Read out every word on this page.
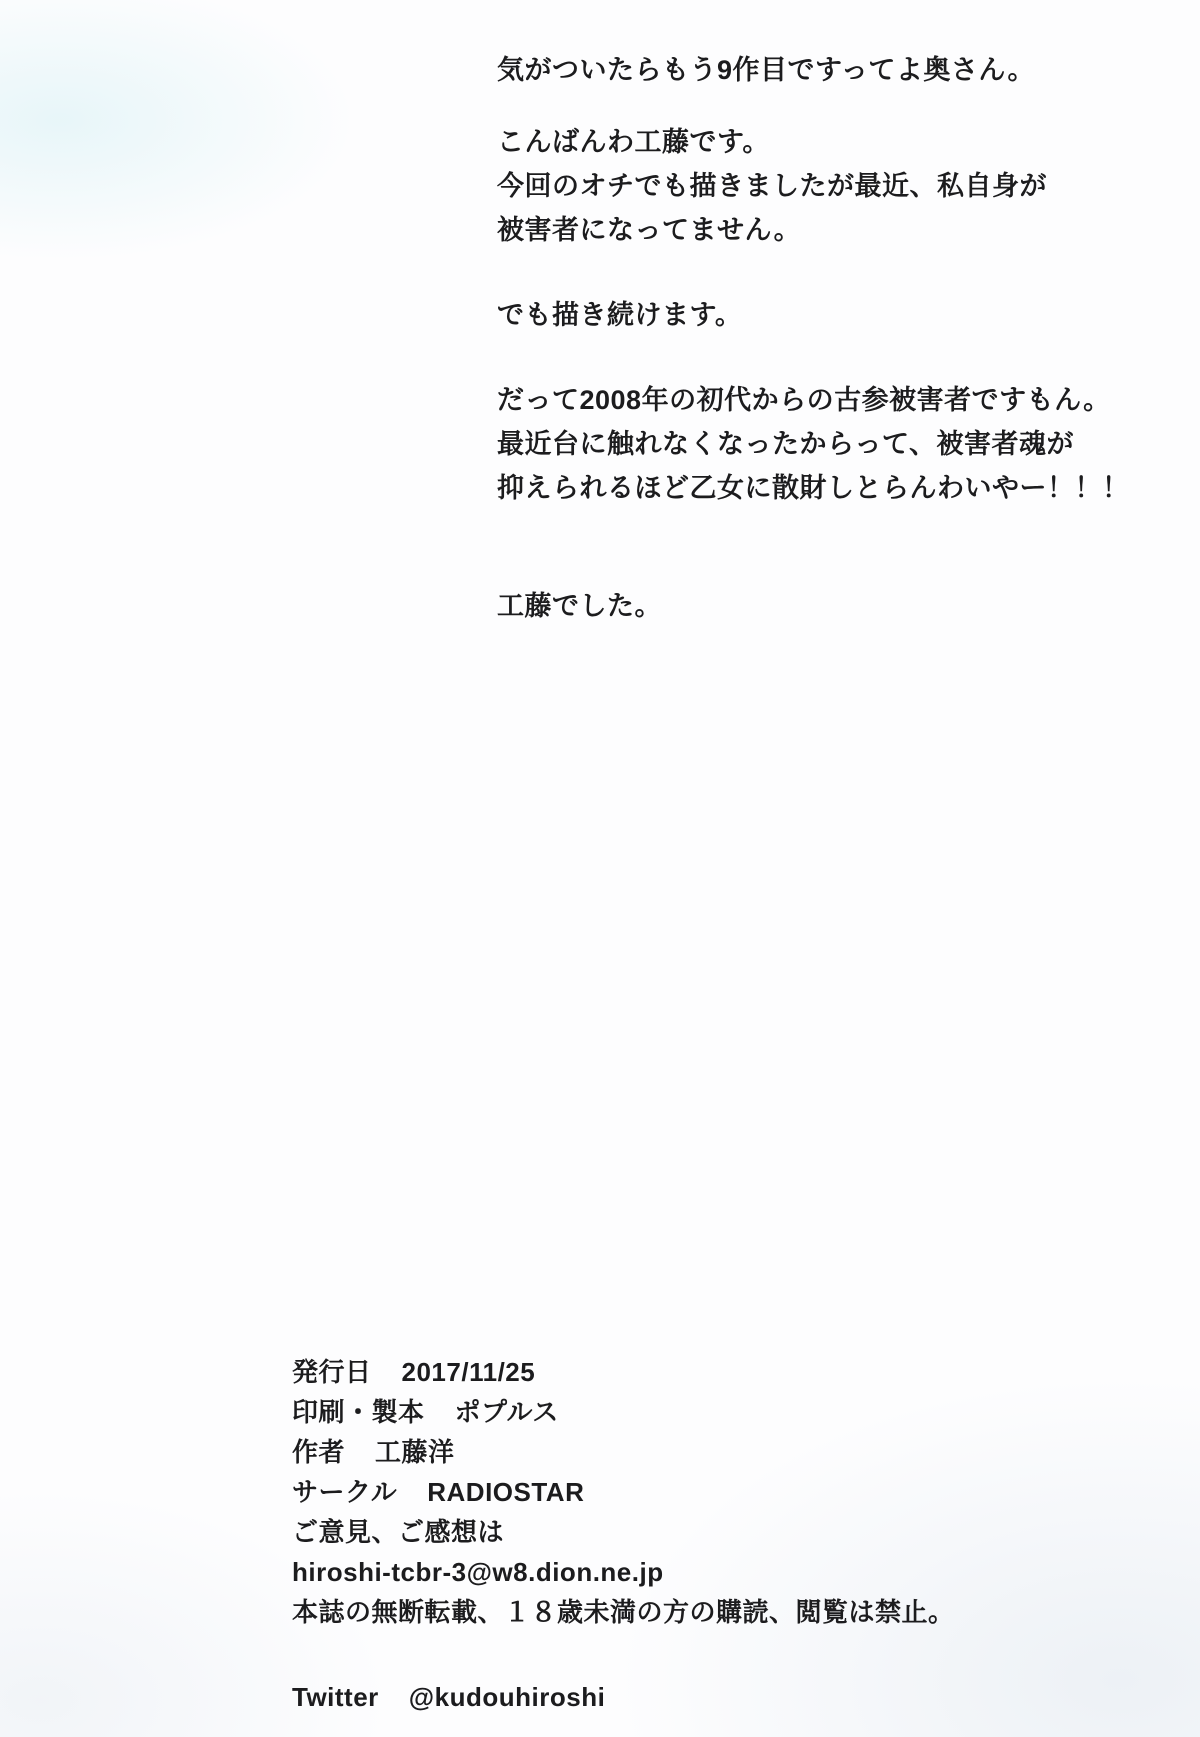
気がついたらもう9作目ですってよ奥さん。
こんばんわ工藤です。
今回のオチでも描きましたが最近、私自身が
被害者になってません。
でも描き続けます。
だって2008年の初代からの古参被害者ですもん。
最近台に触れなくなったからって、被害者魂が
抑えられるほど乙女に散財しとらんわいやー！！！
工藤でした。
発行日 2017/11/25
印刷・製本 ポプルス
作者 工藤洋
サークル RADIOSTAR
ご意見、ご感想は
hiroshi-tcbr-3@w8.dion.ne.jp
本誌の無断転載、１８歳未満の方の購読、閲覧は禁止。
Twitter @kudouhiroshi
